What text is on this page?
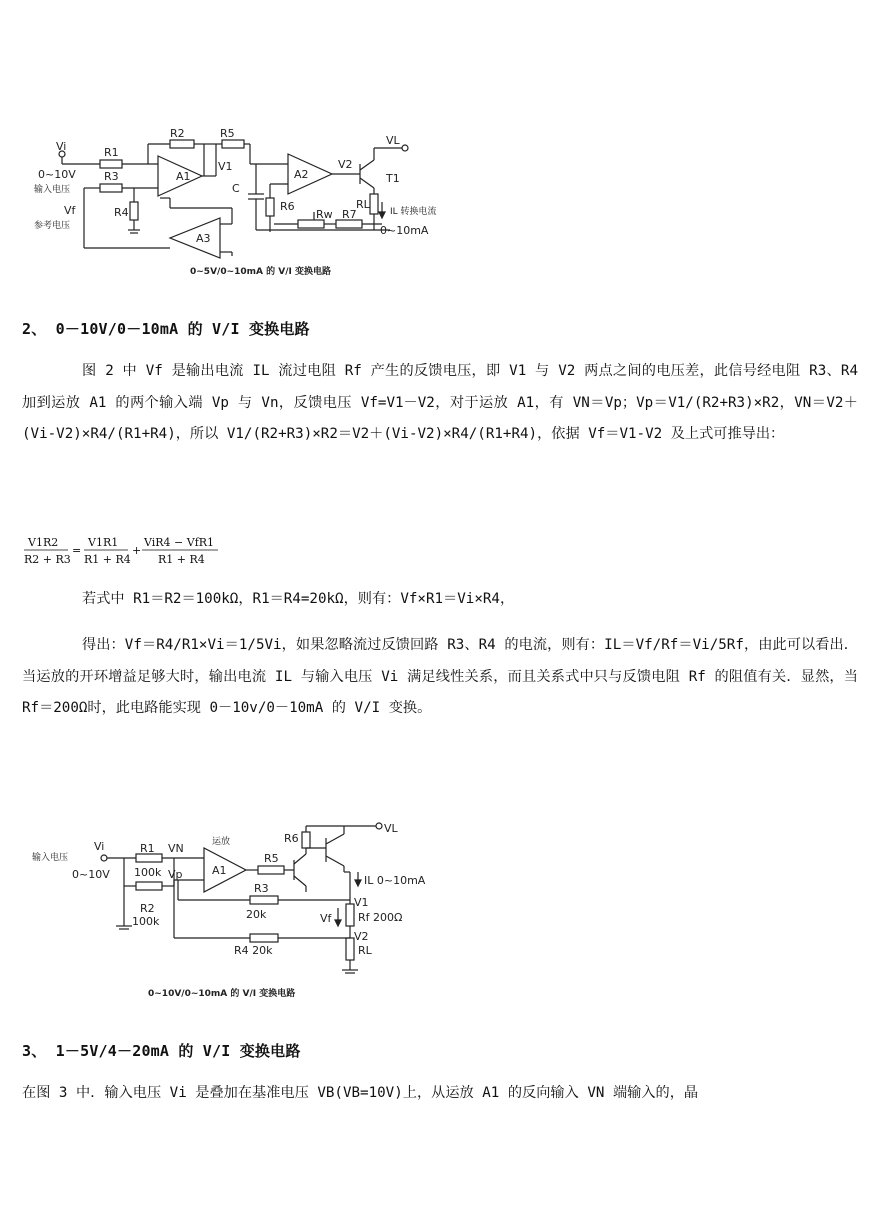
Vi
0~10V
输入电压
Vf
参考电压
R1
R2
R3
R4
R5
A1
V1
C
A3
A2
V2
R6
Rw R7
RL
VL
T1
IL 转换电流
0~10mA
0~5V/0~10mA 的 V/I 变换电路
2、 0－10V/0－10mA 的 V/I 变换电路

图 2 中 Vf 是输出电流 IL 流过电阻 Rf 产生的反馈电压，即 V1 与 V2 两点之间的电压差，此信号经电阻 R3、R4 加到运放 A1 的两个输入端 Vp 与 Vn，反馈电压 Vf=V1－V2，对于运放 A1，有 VN＝Vp；Vp＝V1/(R2+R3)×R2，VN＝V2＋(Vi-V2)×R4/(R1+R4)，所以 V1/(R2+R3)×R2＝V2＋(Vi-V2)×R4/(R1+R4)，依据 Vf＝V1-V2 及上式可推导出：

V1R2
R2 + R3
=
V1R1
R1 + R4
+
ViR4 − VfR1
R1 + R4

若式中 R1＝R2＝100kΩ，R1＝R4=20kΩ，则有：Vf×R1＝Vi×R4，

得出：Vf＝R4/R1×Vi＝1/5Vi，如果忽略流过反馈回路 R3、R4 的电流，则有：IL＝Vf/Rf＝Vi/5Rf，由此可以看出．当运放的开环增益足够大时，输出电流 IL 与输入电压 Vi 满足线性关系，而且关系式中只与反馈电阻 Rf 的阻值有关．显然，当 Rf＝200Ω时，此电路能实现 0－10v/0－10mA 的 V/I 变换。

输入电压
Vi
0~10V
R1
100k
R2
100k
VN
Vp	A1
运放
R5
R6
R3
20k
R4 20k
VL
IL 0~10mA
V1
Vf Rf 200Ω
V2
RL
0~10V/0~10mA 的 V/I 变换电路
3、 1－5V/4－20mA 的 V/I 变换电路

在图 3 中．输入电压 Vi 是叠加在基准电压 VB(VB=10V)上，从运放 A1 的反向输入 VN 端输入的，晶
